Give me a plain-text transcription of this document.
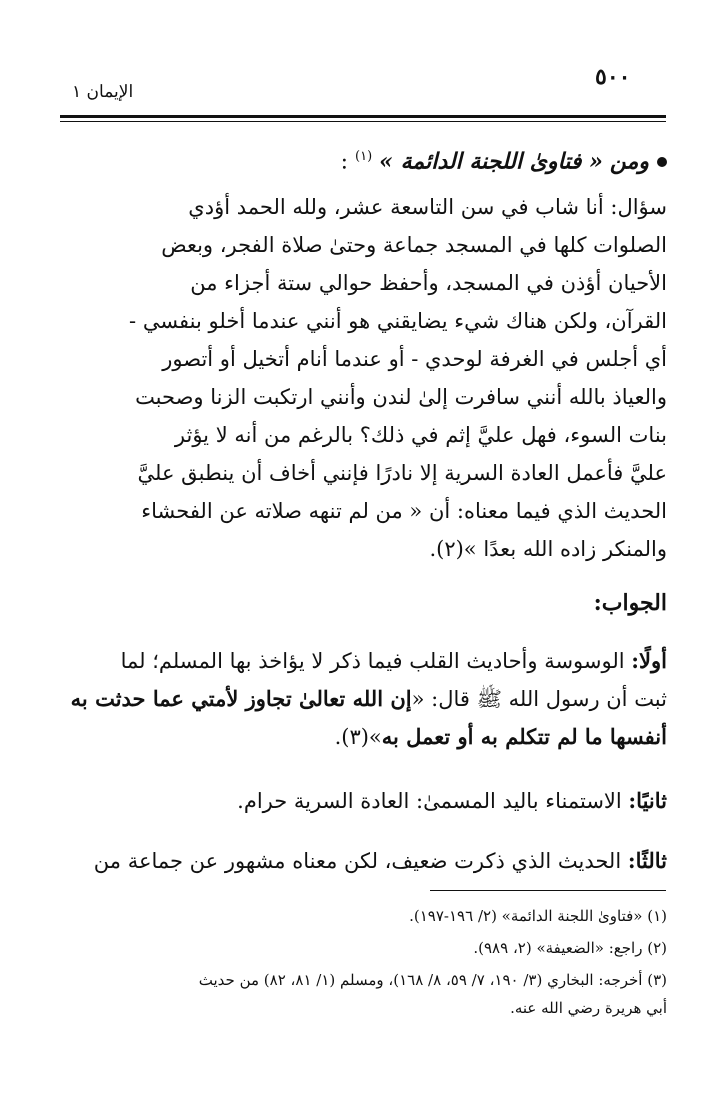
٥٠٠
الإيمان ١
ومن « فتاوىٰ اللجنة الدائمة » $^{(١)}$ :
سؤال: أنا شاب في سن التاسعة عشر، ولله الحمد أؤدي
الصلوات كلها في المسجد جماعة وحتىٰ صلاة الفجر، وبعض
الأحيان أؤذن في المسجد، وأحفظ حوالي ستة أجزاء من
القرآن، ولكن هناك شيء يضايقني هو أنني عندما أخلو بنفسي -
أي أجلس في الغرفة لوحدي - أو عندما أنام أتخيل أو أتصور
والعياذ بالله أنني سافرت إلىٰ لندن وأنني ارتكبت الزنا وصحبت
بنات السوء، فهل عليَّ إثم في ذلك؟ بالرغم من أنه لا يؤثر
عليَّ فأعمل العادة السرية إلا نادرًا فإنني أخاف أن ينطبق عليَّ
الحديث الذي فيما معناه: أن « من لم تنهه صلاته عن الفحشاء
والمنكر زاده الله بعدًا »(٢).
الجواب:
أولًا: الوسوسة وأحاديث القلب فيما ذكر لا يؤاخذ بها المسلم؛ لما
ثبت أن رسول الله ﷺ قال: «إن الله تعالىٰ تجاوز لأمتي عما حدثت به
أنفسها ما لم تتكلم به أو تعمل به»(٣).
ثانيًا: الاستمناء باليد المسمىٰ: العادة السرية حرام.
ثالثًا: الحديث الذي ذكرت ضعيف، لكن معناه مشهور عن جماعة من
(١) «فتاوىٰ اللجنة الدائمة» (٢/ ١٩٦-١٩٧).
(٢) راجع: «الضعيفة» (٢، ٩٨٩).
(٣) أخرجه: البخاري (٣/ ١٩٠، ٧/ ٥٩، ٨/ ١٦٨)، ومسلم (١/ ٨١، ٨٢) من حديث
أبي هريرة رضي الله عنه.
